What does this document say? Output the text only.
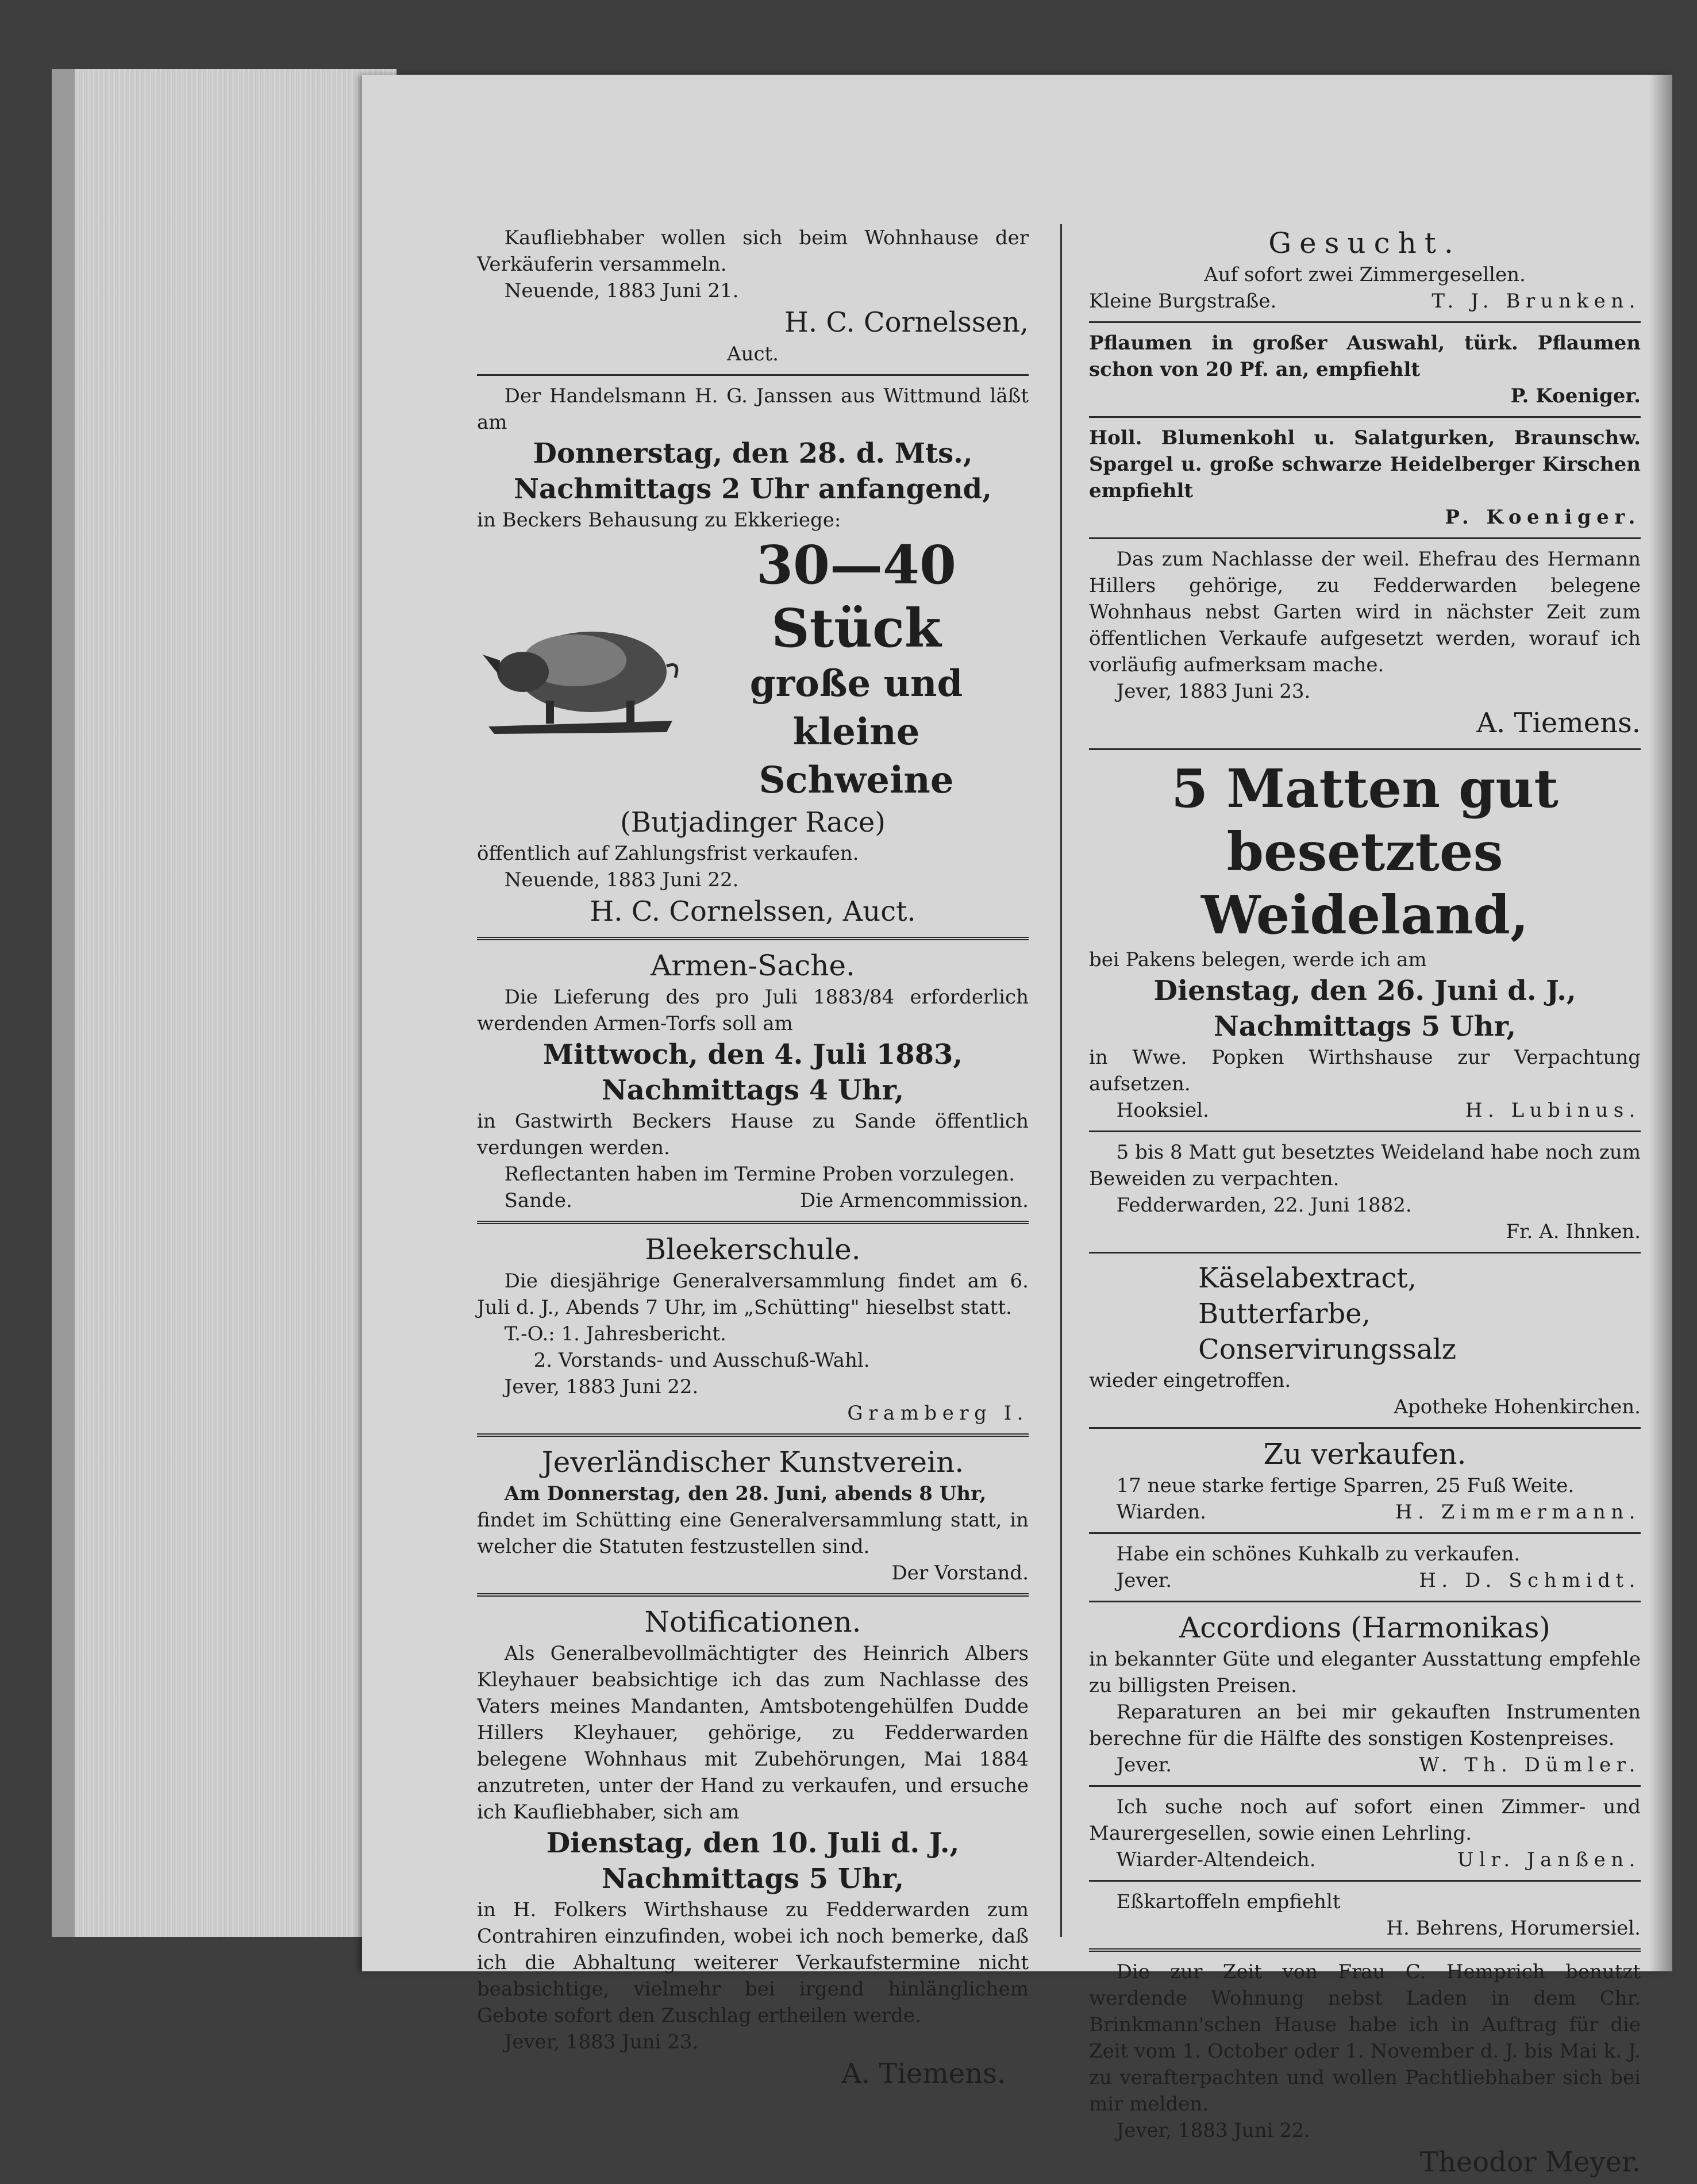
Kaufliebhaber wollen sich beim Wohnhause der Verkäuferin versammeln.

Neuende, 1883 Juni 21.

H. C. Cornelssen,
Auct.

Der Handelsmann H. G. Janssen aus Wittmund läßt am

Donnerstag, den 28. d. Mts.,
Nachmittags 2 Uhr anfangend,

in Beckers Behausung zu Ekkeriege:

30—40 Stück
große und kleine
Schweine
(Butjadinger Race)

öffentlich auf Zahlungsfrist verkaufen.

Neuende, 1883 Juni 22.

H. C. Cornelssen, Auct.
Armen-Sache.

Die Lieferung des pro Juli 1883/84 erforderlich werdenden Armen-Torfs soll am

Mittwoch, den 4. Juli 1883,
Nachmittags 4 Uhr,

in Gastwirth Beckers Hause zu Sande öffentlich verdungen werden.

Reflectanten haben im Termine Proben vorzulegen.

Sande.	Die Armencommission.
Bleekerschule.

Die diesjährige Generalversammlung findet am 6. Juli d. J., Abends 7 Uhr, im „Schütting" hieselbst statt.

T.-O.: 1. Jahresbericht.

2. Vorstands- und Ausschuß-Wahl.

Jever, 1883 Juni 22.

Gramberg I.
Jeverländischer Kunstverein.

Am Donnerstag, den 28. Juni, abends 8 Uhr,

findet im Schütting eine Generalversammlung statt, in welcher die Statuten festzustellen sind.

Der Vorstand.
Notificationen.

Als Generalbevollmächtigter des Heinrich Albers Kleyhauer beabsichtige ich das zum Nachlasse des Vaters meines Mandanten, Amtsbotengehülfen Dudde Hillers Kleyhauer, gehörige, zu Fedderwarden belegene Wohnhaus mit Zubehörungen, Mai 1884 anzutreten, unter der Hand zu verkaufen, und ersuche ich Kaufliebhaber, sich am

Dienstag, den 10. Juli d. J.,
Nachmittags 5 Uhr,

in H. Folkers Wirthshause zu Fedderwarden zum Contrahiren einzufinden, wobei ich noch bemerke, daß ich die Abhaltung weiterer Verkaufstermine nicht beabsichtige, vielmehr bei irgend hinlänglichem Gebote sofort den Zuschlag ertheilen werde.

Jever, 1883 Juni 23.

A. Tiemens.
Gesucht.
Auf sofort zwei Zimmergesellen.
Kleine Burgstraße.	T. J. Brunken.

Pflaumen in großer Auswahl, türk. Pflaumen schon von 20 Pf. an, empfiehlt

P. Koeniger.

Holl. Blumenkohl u. Salatgurken, Braunschw. Spargel u. große schwarze Heidelberger Kirschen empfiehlt

P. Koeniger.

Das zum Nachlasse der weil. Ehefrau des Hermann Hillers gehörige, zu Fedderwarden belegene Wohnhaus nebst Garten wird in nächster Zeit zum öffentlichen Verkaufe aufgesetzt werden, worauf ich vorläufig aufmerksam mache.

Jever, 1883 Juni 23.

A. Tiemens.
5 Matten gut besetztes
Weideland,

bei Pakens belegen, werde ich am

Dienstag, den 26. Juni d. J.,
Nachmittags 5 Uhr,

in Wwe. Popken Wirthshause zur Verpachtung aufsetzen.

Hooksiel.	H. Lubinus.

5 bis 8 Matt gut besetztes Weideland habe noch zum Beweiden zu verpachten.

Fedderwarden, 22. Juni 1882.

Fr. A. Ihnken.
Käselabextract,
Butterfarbe,
Conservirungssalz

wieder eingetroffen.

Apotheke Hohenkirchen.
Zu verkaufen.

17 neue starke fertige Sparren, 25 Fuß Weite.

Wiarden.	H. Zimmermann.

Habe ein schönes Kuhkalb zu verkaufen.

Jever.	H. D. Schmidt.
Accordions (Harmonikas)

in bekannter Güte und eleganter Ausstattung empfehle zu billigsten Preisen.

Reparaturen an bei mir gekauften Instrumenten berechne für die Hälfte des sonstigen Kostenpreises.

Jever.	W. Th. Dümler.

Ich suche noch auf sofort einen Zimmer- und Maurergesellen, sowie einen Lehrling.

Wiarder-Altendeich.	Ulr. Janßen.

Eßkartoffeln empfiehlt

H. Behrens, Horumersiel.

Die zur Zeit von Frau C. Hemprich benutzt werdende Wohnung nebst Laden in dem Chr. Brinkmann'schen Hause habe ich in Auftrag für die Zeit vom 1. October oder 1. November d. J. bis Mai k. J. zu verafterpachten und wollen Pachtliebhaber sich bei mir melden.

Jever, 1883 Juni 22.

Theodor Meyer.
